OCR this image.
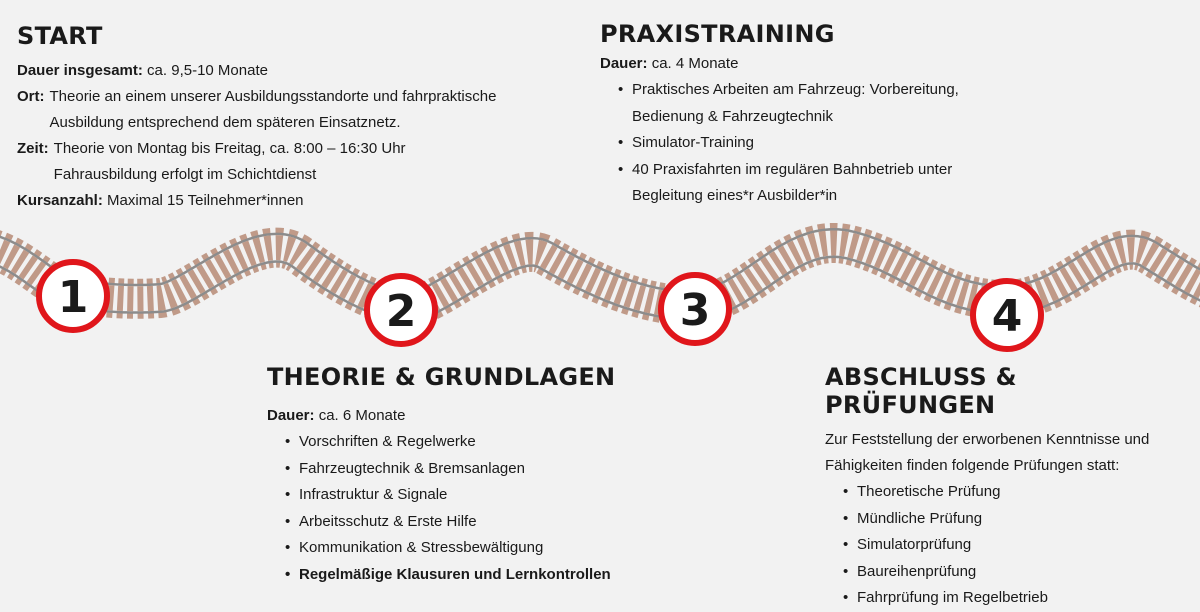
1	2	3	4
START
Dauer insgesamt: ca. 9,5-10 Monate
Ort: Theorie an einem unserer Ausbildungsstandorte und fahrpraktische Ausbildung entsprechend dem späteren Einsatznetz.
Zeit: Theorie von Montag bis Freitag, ca. 8:00 – 16:30 Uhr Fahrausbildung erfolgt im Schichtdienst
Kursanzahl: Maximal 15 Teilnehmer*innen
PRAXISTRAINING
Dauer: ca. 4 Monate
• Praktisches Arbeiten am Fahrzeug: Vorbereitung, Bedienung & Fahrzeugtechnik
• Simulator-Training
• 40 Praxisfahrten im regulären Bahnbetrieb unter Begleitung eines*r Ausbilder*in
THEORIE & GRUNDLAGEN
Dauer: ca. 6 Monate
• Vorschriften & Regelwerke
• Fahrzeugtechnik & Bremsanlagen
• Infrastruktur & Signale
• Arbeitsschutz & Erste Hilfe
• Kommunikation & Stressbewältigung
• Regelmäßige Klausuren und Lernkontrollen
ABSCHLUSS & PRÜFUNGEN
Zur Feststellung der erworbenen Kenntnisse und Fähigkeiten finden folgende Prüfungen statt:
• Theoretische Prüfung
• Mündliche Prüfung
• Simulatorprüfung
• Baureihenprüfung
• Fahrprüfung im Regelbetrieb
